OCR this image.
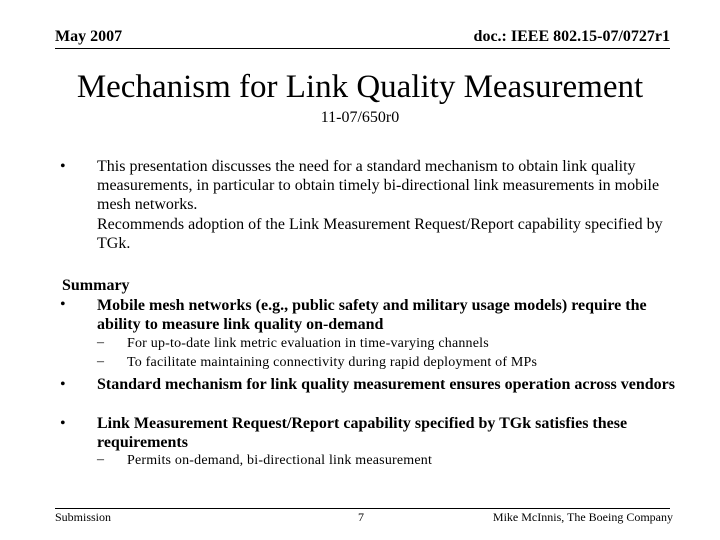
May 2007	doc.: IEEE 802.15-07/0727r1
Mechanism for Link Quality Measurement
11-07/650r0
• This presentation discusses the need for a standard mechanism to obtain link quality measurements, in particular to obtain timely bi-directional link measurements in mobile mesh networks.
Recommends adoption of the Link Measurement Request/Report capability specified by TGk.
Summary
• Mobile mesh networks (e.g., public safety and military usage models) require the ability to measure link quality on-demand
– For up-to-date link metric evaluation in time-varying channels
– To facilitate maintaining connectivity during rapid deployment of MPs
• Standard mechanism for link quality measurement ensures operation across vendors
• Link Measurement Request/Report capability specified by TGk satisfies these requirements
– Permits on-demand, bi-directional link measurement
Submission	7	Mike McInnis, The Boeing Company
